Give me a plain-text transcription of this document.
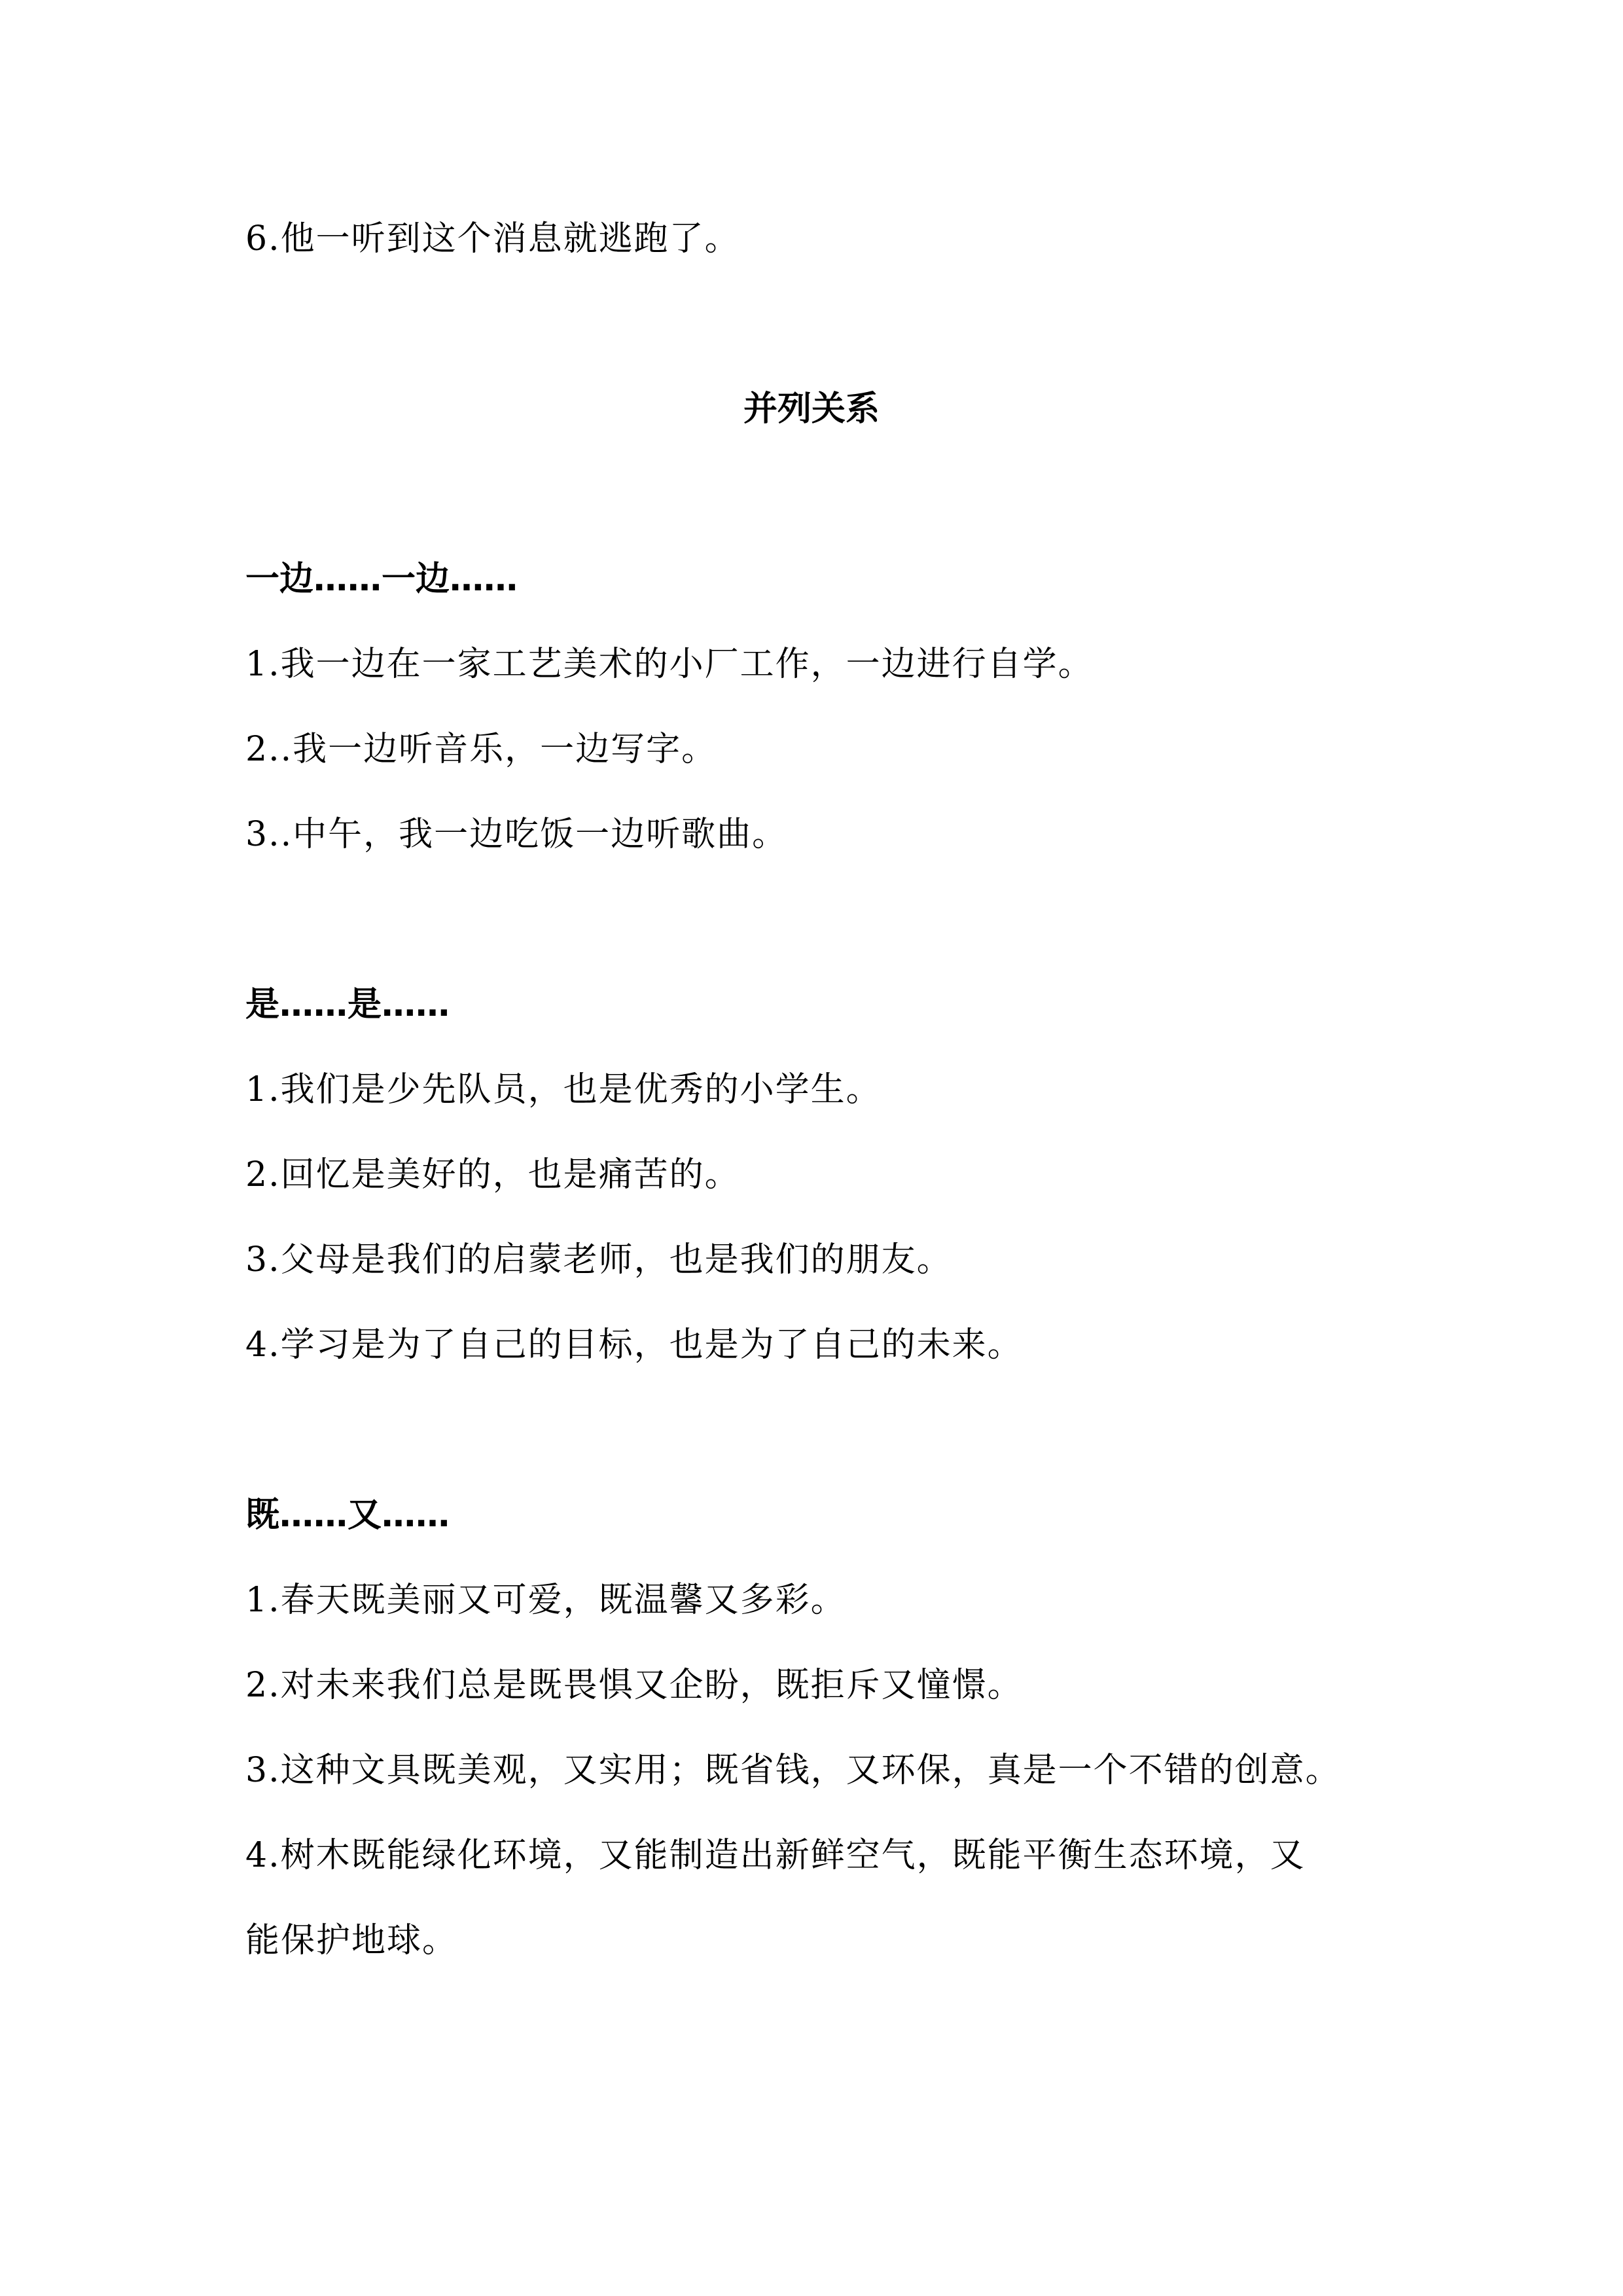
6.他一听到这个消息就逃跑了。
并列关系
一边……一边……
1.我一边在一家工艺美术的小厂工作，一边进行自学。
2..我一边听音乐，一边写字。
3..中午，我一边吃饭一边听歌曲。
是……是……
1.我们是少先队员，也是优秀的小学生。
2.回忆是美好的，也是痛苦的。
3.父母是我们的启蒙老师，也是我们的朋友。
4.学习是为了自己的目标，也是为了自己的未来。
既……又……
1.春天既美丽又可爱，既温馨又多彩。
2.对未来我们总是既畏惧又企盼，既拒斥又憧憬。
3.这种文具既美观，又实用；既省钱，又环保，真是一个不错的创意。
4.树木既能绿化环境，又能制造出新鲜空气，既能平衡生态环境，又
能保护地球。
